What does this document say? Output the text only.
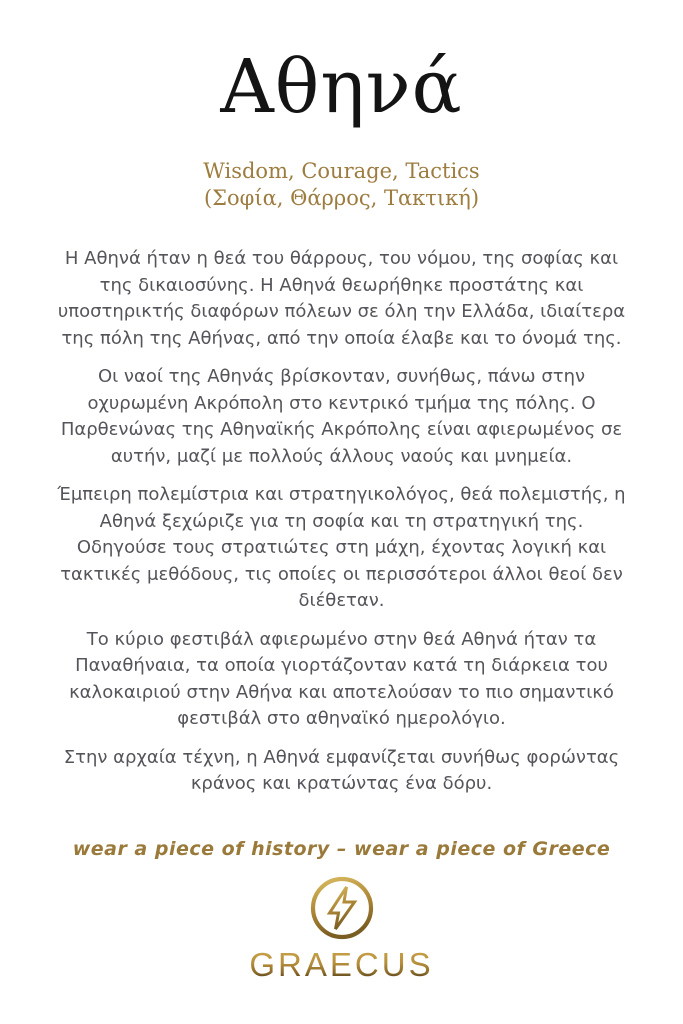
Αθηνά
Wisdom, Courage, Tactics
(Σοφία, Θάρρος, Τακτική)

Η Αθηνά ήταν η θεά του θάρρους, του νόμου, της σοφίας και της δικαιοσύνης. Η Αθηνά θεωρήθηκε προστάτης και υποστηρικτής διαφόρων πόλεων σε όλη την Ελλάδα, ιδιαίτερα της πόλη της Αθήνας, από την οποία έλαβε και το όνομά της.

Οι ναοί της Αθηνάς βρίσκονταν, συνήθως, πάνω στην οχυρωμένη Ακρόπολη στο κεντρικό τμήμα της πόλης. Ο Παρθενώνας της Αθηναϊκής Ακρόπολης είναι αφιερωμένος σε αυτήν, μαζί με πολλούς άλλους ναούς και μνημεία.

Έμπειρη πολεμίστρια και στρατηγικολόγος, θεά πολεμιστής, η Αθηνά ξεχώριζε για τη σοφία και τη στρατηγική της. Οδηγούσε τους στρατιώτες στη μάχη, έχοντας λογική και τακτικές μεθόδους, τις οποίες οι περισσότεροι άλλοι θεοί δεν διέθεταν.

Το κύριο φεστιβάλ αφιερωμένο στην θεά Αθηνά ήταν τα Παναθήναια, τα οποία γιορτάζονταν κατά τη διάρκεια του καλοκαιριού στην Αθήνα και αποτελούσαν το πιο σημαντικό φεστιβάλ στο αθηναϊκό ημερολόγιο.

Στην αρχαία τέχνη, η Αθηνά εμφανίζεται συνήθως φορώντας κράνος και κρατώντας ένα δόρυ.

wear a piece of history – wear a piece of Greece
GRAECUS
